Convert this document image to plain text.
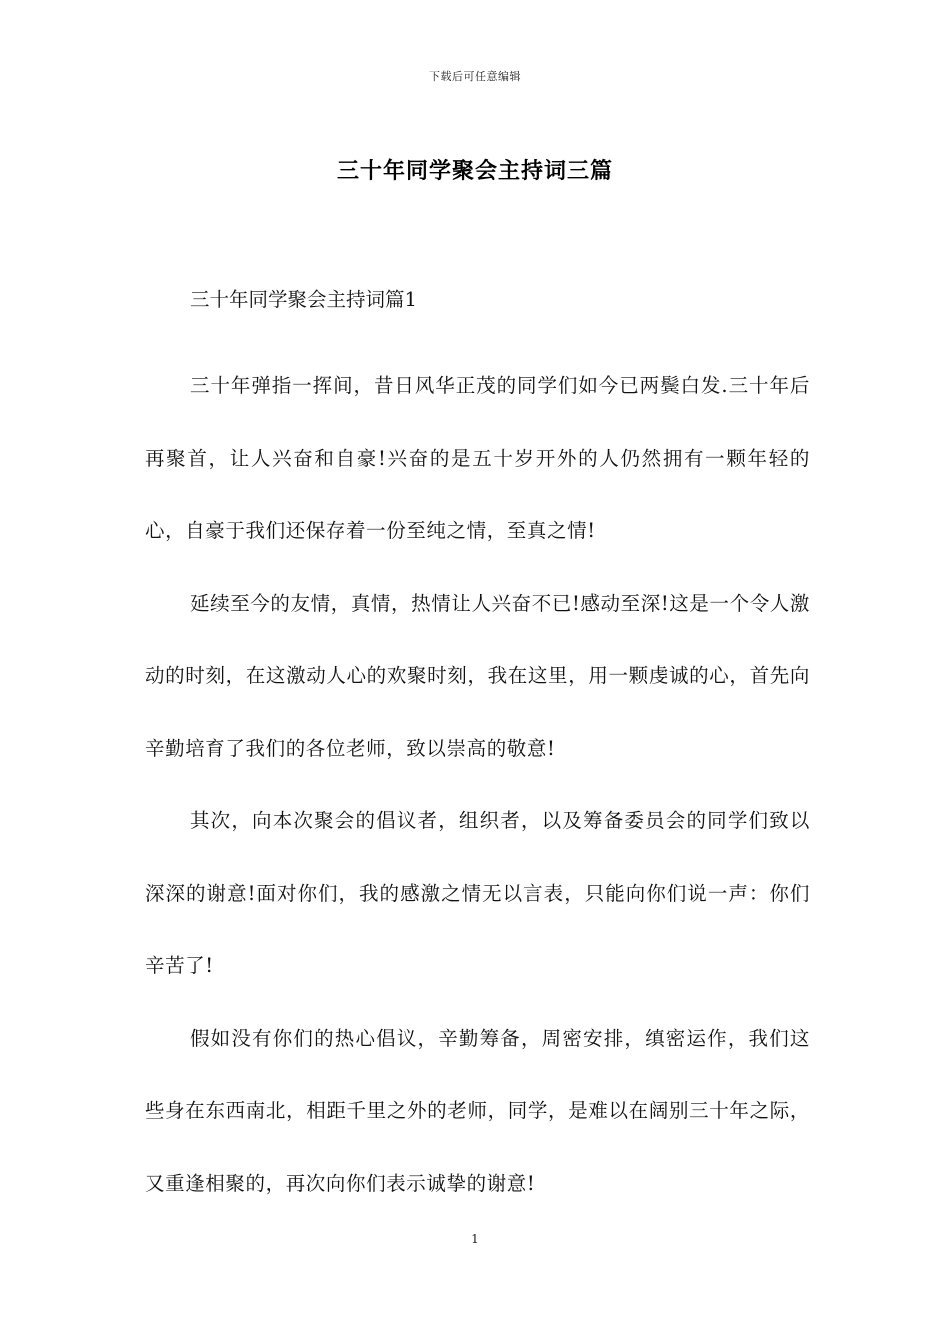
下载后可任意编辑
三十年同学聚会主持词三篇

三十年同学聚会主持词篇1

三十年弹指一挥间，昔日风华正茂的同学们如今已两鬓白发.三十年后再聚首，让人兴奋和自豪!兴奋的是五十岁开外的人仍然拥有一颗年轻的心，自豪于我们还保存着一份至纯之情，至真之情!

延续至今的友情，真情，热情让人兴奋不已!感动至深!这是一个令人激动的时刻，在这激动人心的欢聚时刻，我在这里，用一颗虔诚的心，首先向辛勤培育了我们的各位老师，致以崇高的敬意!

其次，向本次聚会的倡议者，组织者，以及筹备委员会的同学们致以深深的谢意!面对你们，我的感激之情无以言表，只能向你们说一声：你们辛苦了!

假如没有你们的热心倡议，辛勤筹备，周密安排，缜密运作，我们这些身在东西南北，相距千里之外的老师，同学，是难以在阔别三十年之际，又重逢相聚的，再次向你们表示诚挚的谢意!

1
